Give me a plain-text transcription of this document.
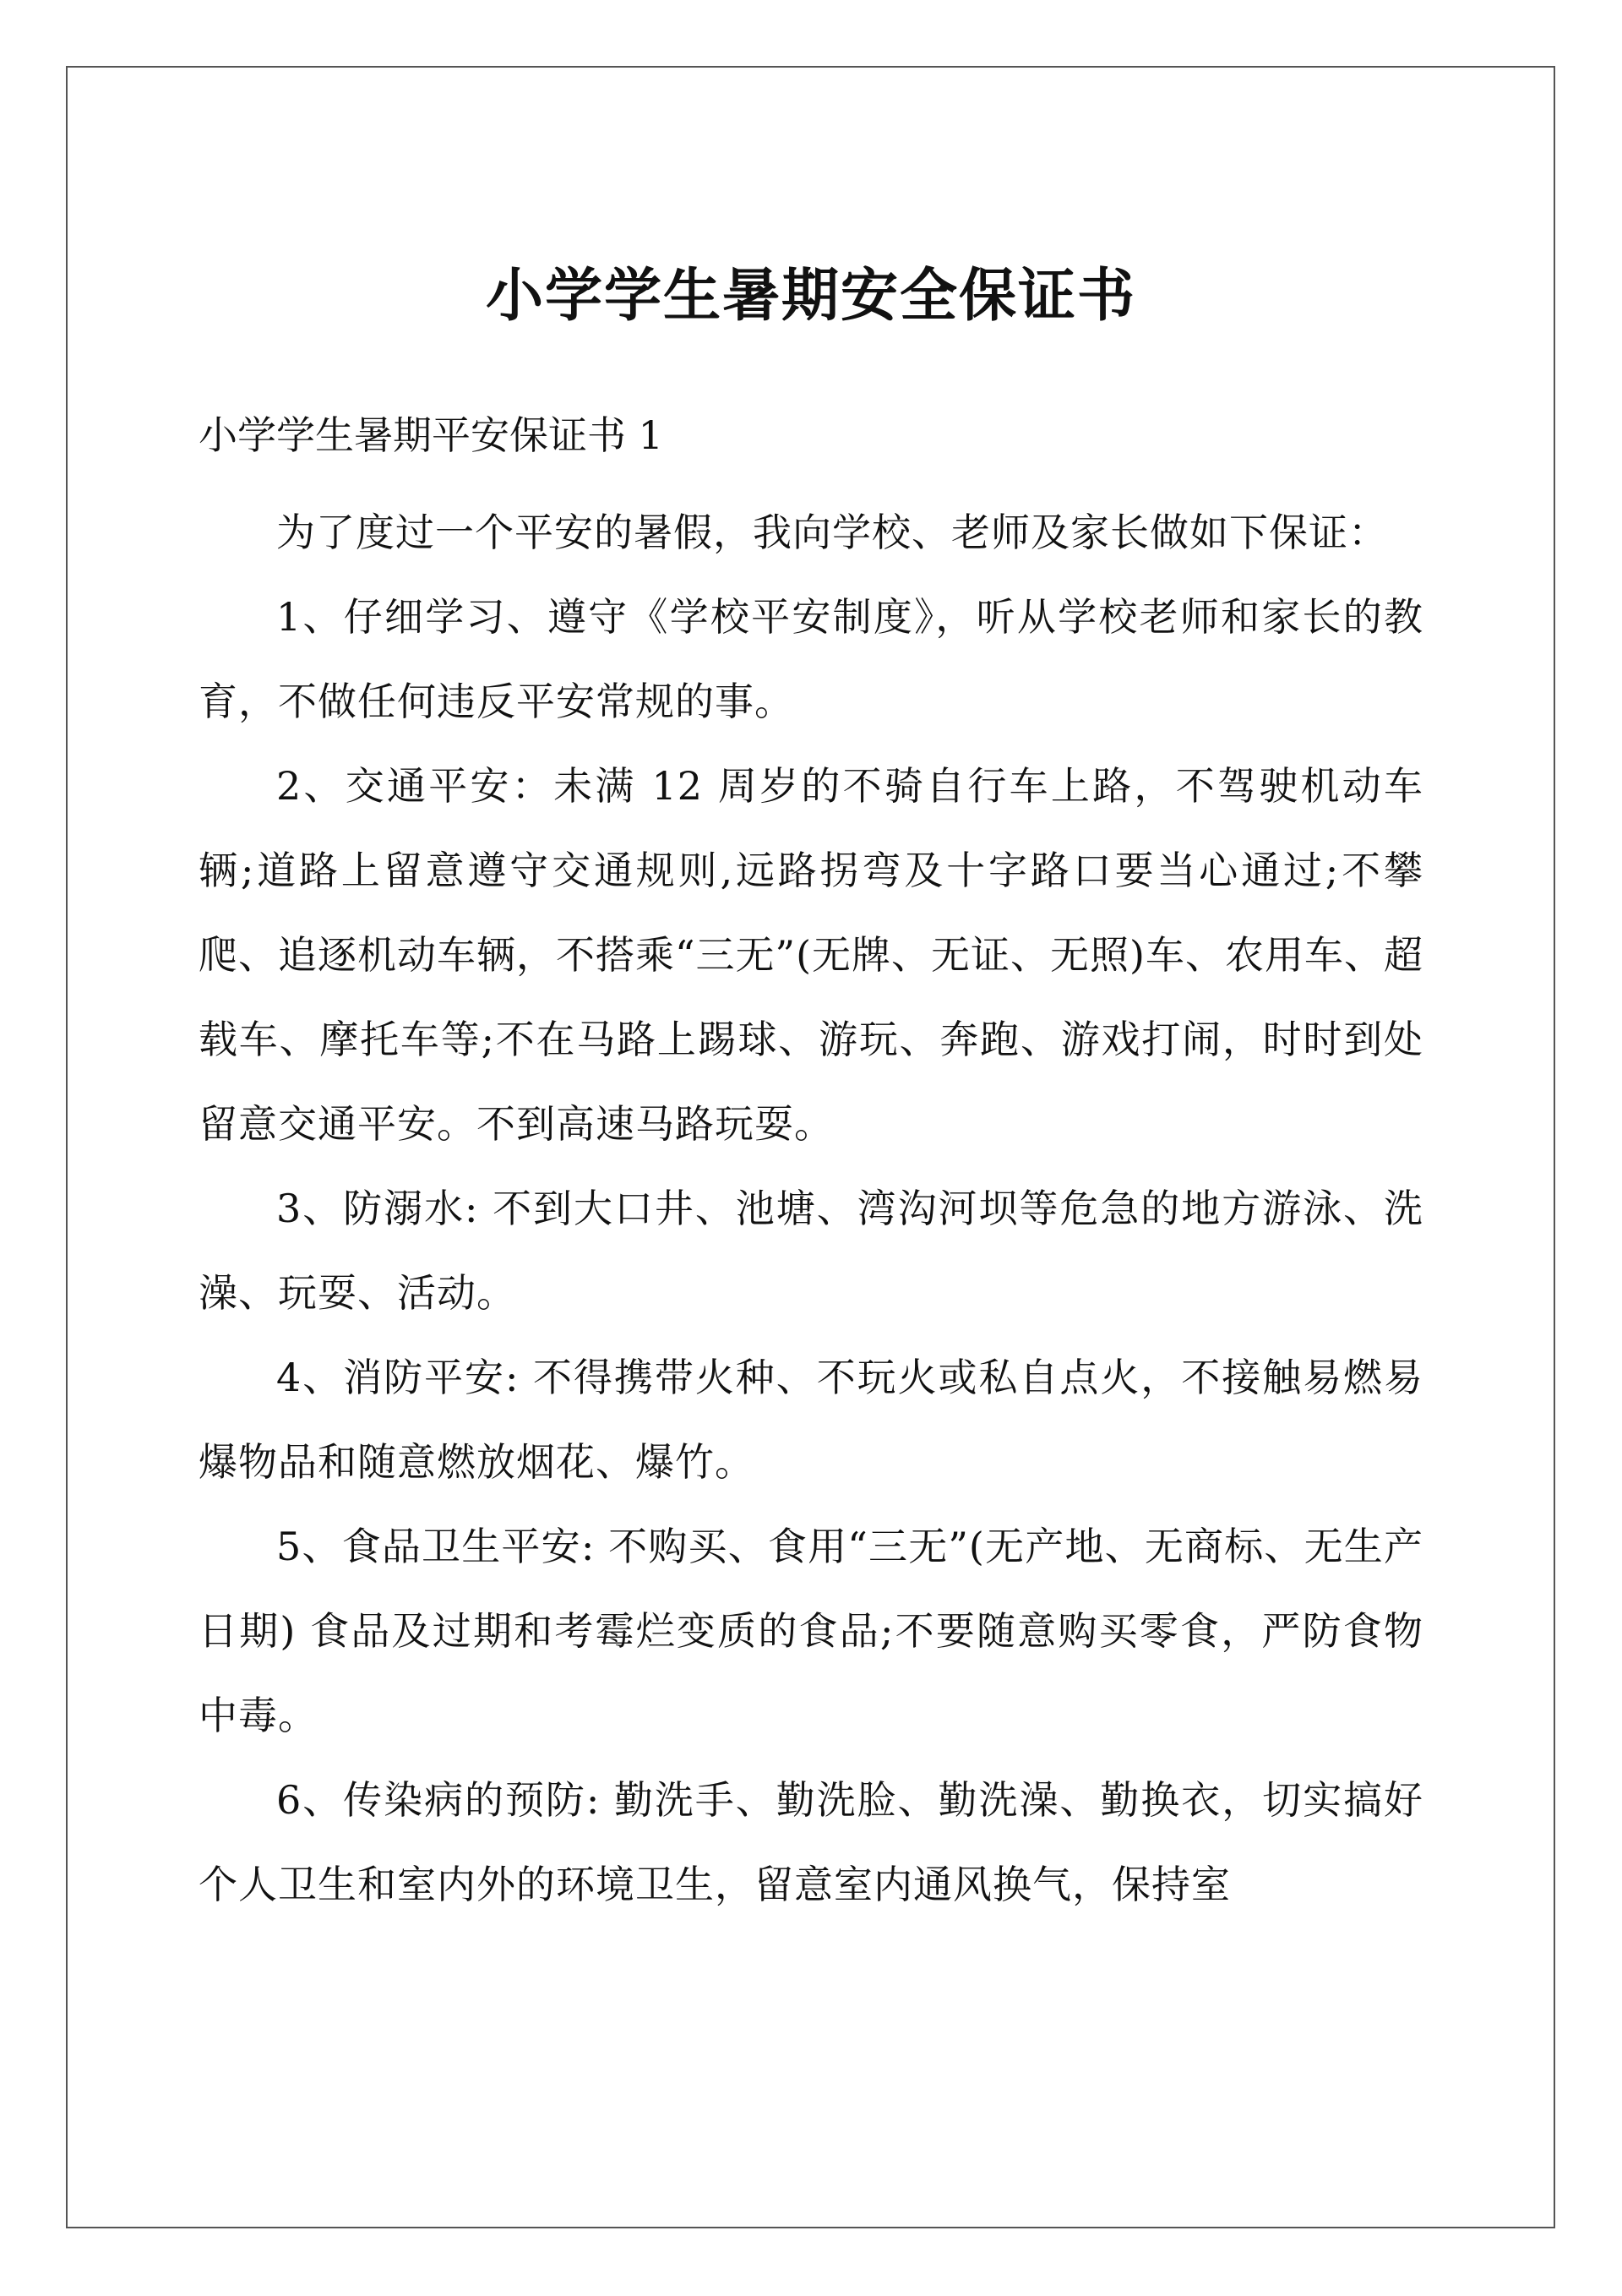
小学学生暑期安全保证书

小学学生暑期平安保证书 1

为了度过一个平安的暑假，我向学校、老师及家长做如下保证：

1、仔细学习、遵守《学校平安制度》，听从学校老师和家长的教育，不做任何违反平安常规的事。

2、交通平安：未满 12 周岁的不骑自行车上路，不驾驶机动车辆;道路上留意遵守交通规则,远路拐弯及十字路口要当心通过;不攀爬、追逐机动车辆，不搭乘“三无”(无牌、无证、无照)车、农用车、超载车、摩托车等;不在马路上踢球、游玩、奔跑、游戏打闹，时时到处留意交通平安。不到高速马路玩耍。

3、防溺水: 不到大口井、池塘、湾沟河坝等危急的地方游泳、洗澡、玩耍、活动。

4、消防平安: 不得携带火种、不玩火或私自点火，不接触易燃易爆物品和随意燃放烟花、爆竹。

5、食品卫生平安: 不购买、食用“三无”(无产地、无商标、无生产日期) 食品及过期和考霉烂变质的食品;不要随意购买零食，严防食物中毒。

6、传染病的预防: 勤洗手、勤洗脸、勤洗澡、勤换衣，切实搞好个人卫生和室内外的环境卫生，留意室内通风换气，保持室
